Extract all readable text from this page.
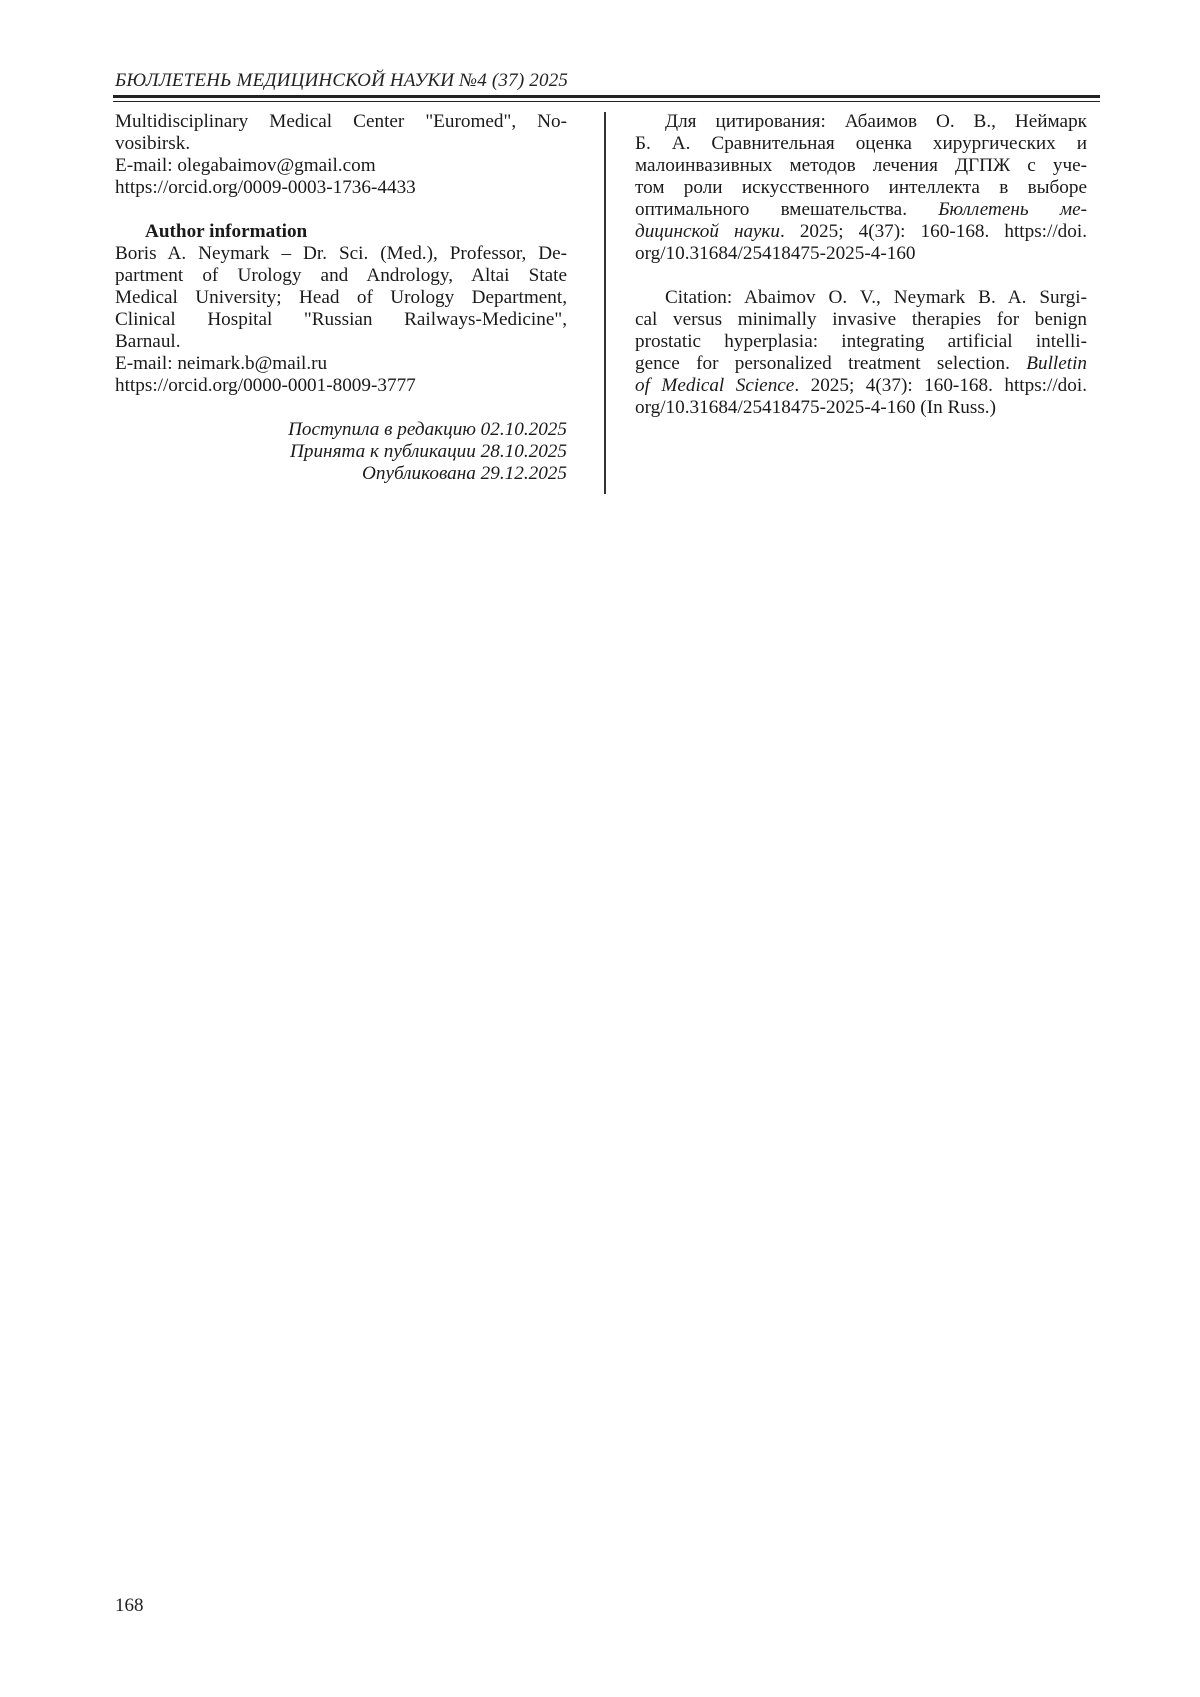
БЮЛЛЕТЕНЬ МЕДИЦИНСКОЙ НАУКИ №4 (37) 2025
Multidisciplinary Medical Center "Euromed", No-
vosibirsk.
E-mail: olegabaimov@gmail.com
https://orcid.org/0009-0003-1736-4433
Author information
Boris A. Neymark – Dr. Sci. (Med.), Professor, De-
partment of Urology and Andrology, Altai State
Medical University; Head of Urology Department,
Clinical Hospital "Russian Railways-Medicine",
Barnaul.
E-mail: neimark.b@mail.ru
https://orcid.org/0000-0001-8009-3777
Поступила в редакцию 02.10.2025
Принята к публикации 28.10.2025
Опубликована 29.12.2025
Для цитирования: Абаимов О. В., Неймарк
Б. А. Сравнительная оценка хирургических и
малоинвазивных методов лечения ДГПЖ с уче-
том роли искусственного интеллекта в выборе
оптимального вмешательства. Бюллетень ме-
дицинской науки. 2025; 4(37): 160-168. https://doi.
org/10.31684/25418475-2025-4-160
Citation: Abaimov O. V., Neymark B. A. Surgi-
cal versus minimally invasive therapies for benign
prostatic hyperplasia: integrating artificial intelli-
gence for personalized treatment selection. Bulletin
of Medical Science. 2025; 4(37): 160-168. https://doi.
org/10.31684/25418475-2025-4-160 (In Russ.)
168
